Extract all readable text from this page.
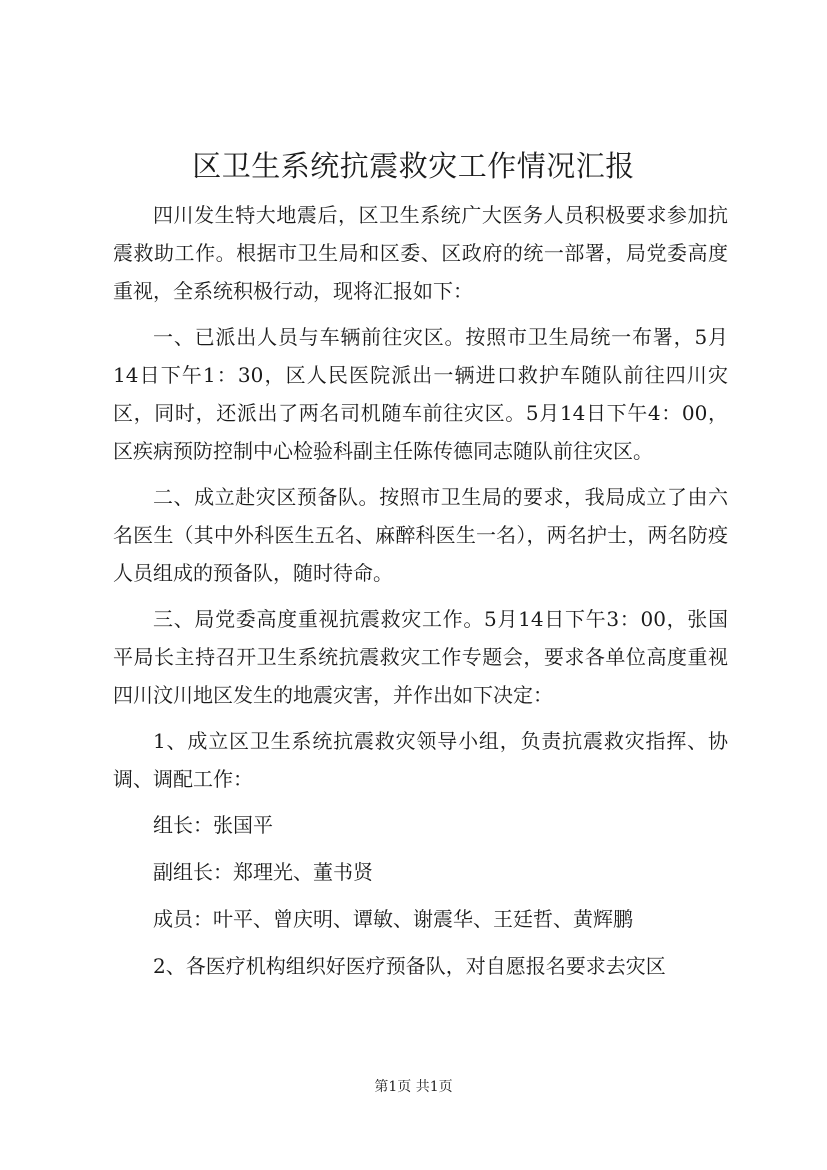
区卫生系统抗震救灾工作情况汇报

四川发生特大地震后，区卫生系统广大医务人员积极要求参加抗震救助工作。根据市卫生局和区委、区政府的统一部署，局党委高度重视，全系统积极行动，现将汇报如下：

一、已派出人员与车辆前往灾区。按照市卫生局统一布署，5月14日下午1：30，区人民医院派出一辆进口救护车随队前往四川灾区，同时，还派出了两名司机随车前往灾区。5月14日下午4：00，区疾病预防控制中心检验科副主任陈传德同志随队前往灾区。

二、成立赴灾区预备队。按照市卫生局的要求，我局成立了由六名医生（其中外科医生五名、麻醉科医生一名），两名护士，两名防疫人员组成的预备队，随时待命。

三、局党委高度重视抗震救灾工作。5月14日下午3：00，张国平局长主持召开卫生系统抗震救灾工作专题会，要求各单位高度重视四川汶川地区发生的地震灾害，并作出如下决定：

1、成立区卫生系统抗震救灾领导小组，负责抗震救灾指挥、协调、调配工作：

组长：张国平

副组长：郑理光、董书贤

成员：叶平、曾庆明、谭敏、谢震华、王廷哲、黄辉鹏

2、各医疗机构组织好医疗预备队，对自愿报名要求去灾区

第1页 共1页
